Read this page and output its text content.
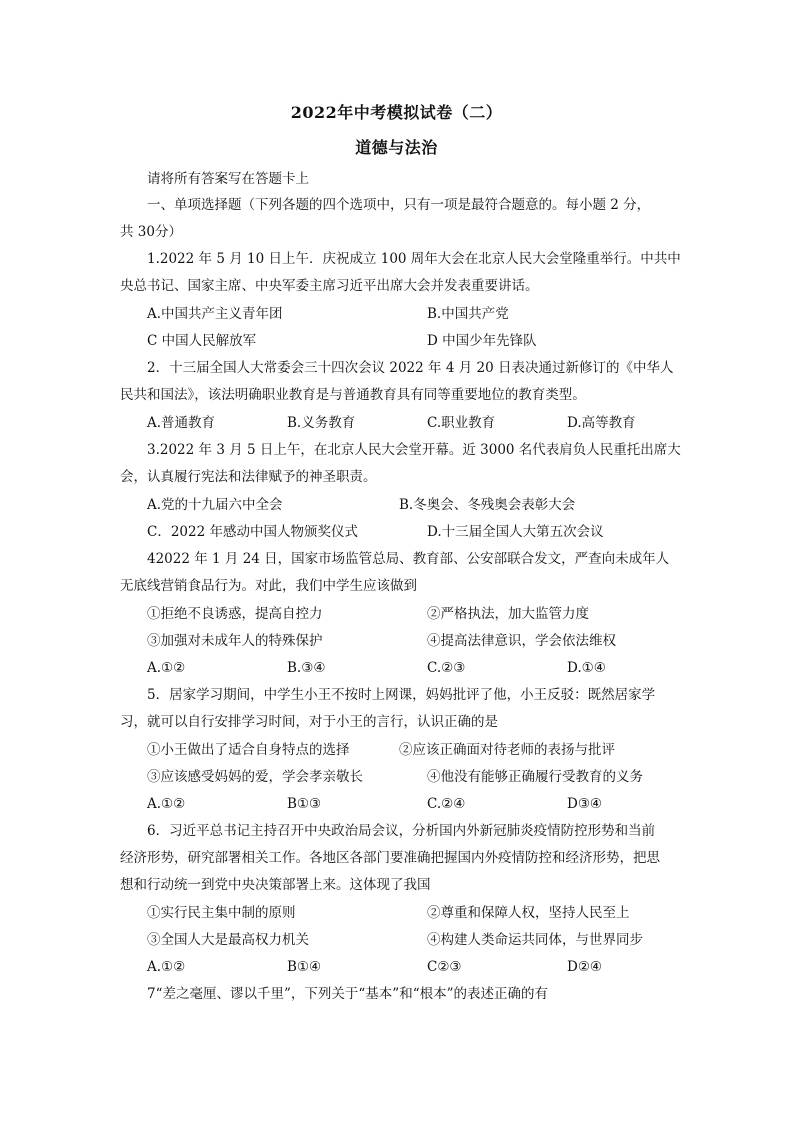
2022年中考模拟试卷（二）
道德与法治
请将所有答案写在答题卡上
一、单项选择题（下列各题的四个选项中，只有一项是最符合题意的。每小题 2 分，
共 30分）
1.2022 年 5 月 10 日上午．庆祝成立 100 周年大会在北京人民大会堂隆重举行。中共中
央总书记、国家主席、中央军委主席习近平出席大会并发表重要讲话。
A.中国共产主义青年团	B.中国共产党
C 中国人民解放军	D 中国少年先锋队
2．十三届全国人大常委会三十四次会议 2022 年 4 月 20 日表决通过新修订的《中华人
民共和国法》，该法明确职业教育是与普通教育具有同等重要地位的教育类型。
A.普通教育	B.义务教育	C.职业教育	D.高等教育
3.2022 年 3 月 5 日上午，在北京人民大会堂开幕。近 3000 名代表肩负人民重托出席大
会，认真履行宪法和法律赋予的神圣职责。
A.党的十九届六中全会	B.冬奥会、冬残奥会表彰大会
C．2022 年感动中国人物颁奖仪式	D.十三届全国人大第五次会议
42022 年 1 月 24 日，国家市场监管总局、教育部、公安部联合发文，严查向未成年人
无底线营销食品行为。对此，我们中学生应该做到
①拒绝不良诱惑，提高自控力	②严格执法，加大监管力度
③加强对未成年人的特殊保护	④提高法律意识，学会依法维权
A.①②	B.③④	C.②③	D.①④
5．居家学习期间，中学生小王不按时上网课，妈妈批评了他，小王反驳：既然居家学
习，就可以自行安排学习时间，对于小王的言行，认识正确的是
①小王做出了适合自身特点的选择	②应该正确面对待老师的表扬与批评
③应该感受妈妈的爱，学会孝亲敬长	④他没有能够正确履行受教育的义务
A.①②	B①③	C.②④	D③④
6．习近平总书记主持召开中央政治局会议，分析国内外新冠肺炎疫情防控形势和当前
经济形势，研究部署相关工作。各地区各部门要准确把握国内外疫情防控和经济形势，把思
想和行动统一到党中央决策部署上来。这体现了我国
①实行民主集中制的原则	②尊重和保障人权，坚持人民至上
③全国人大是最高权力机关	④构建人类命运共同体，与世界同步
A.①②	B①④	C②③	D②④
7“差之毫厘、谬以千里”，下列关于“基本”和“根本”的表述正确的有
